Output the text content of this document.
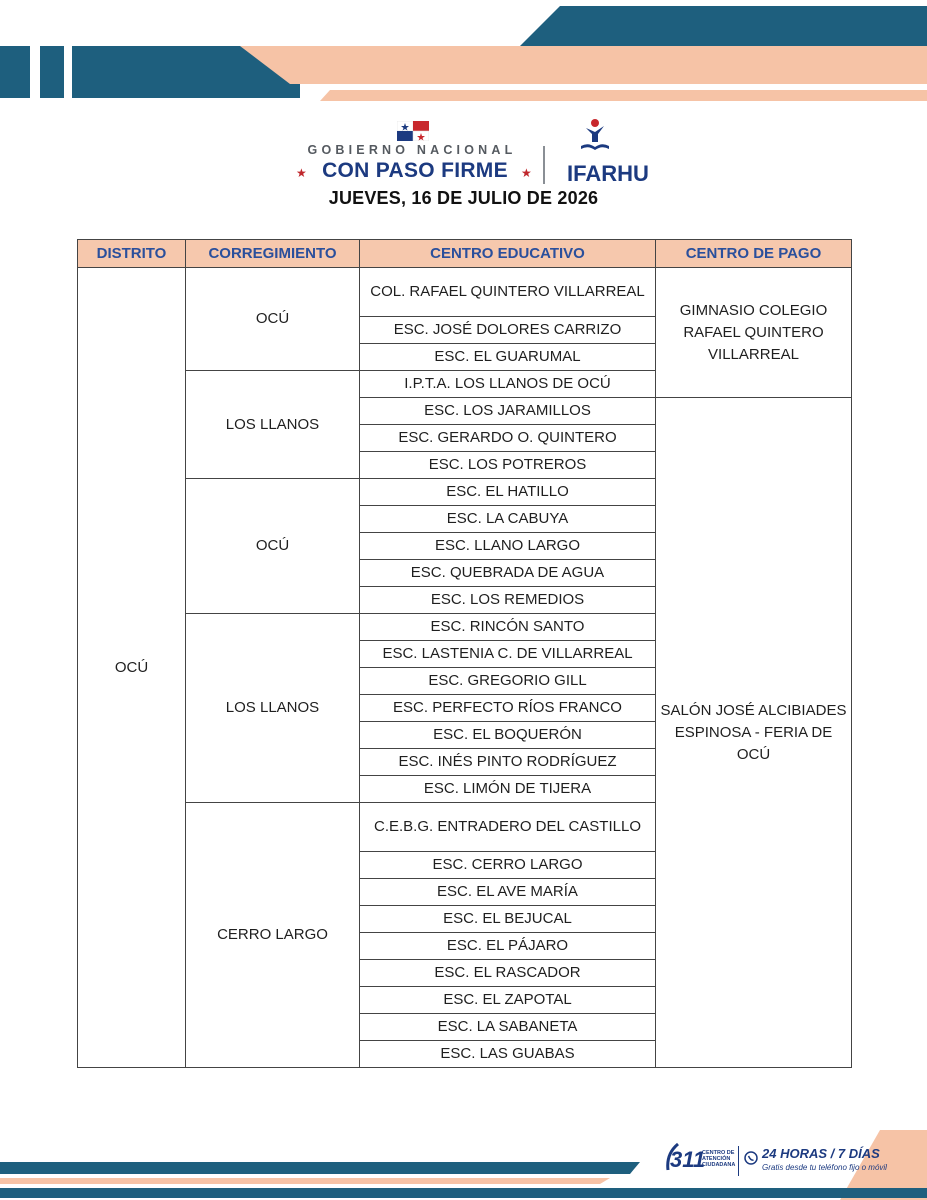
GOBIERNO NACIONAL
★ CON PASO FIRME	★ IFARHU
JUEVES, 16 DE JULIO DE 2026
DISTRITO	CORREGIMIENTO	CENTRO EDUCATIVO	CENTRO DE PAGO
OCÚ	OCÚ	COL. RAFAEL QUINTERO VILLARREAL	GIMNASIO COLEGIO RAFAEL QUINTERO VILLARREAL
		ESC. JOSÉ DOLORES CARRIZO	
		ESC. EL GUARUMAL	
	LOS LLANOS	I.P.T.A. LOS LLANOS DE OCÚ	
		ESC. LOS JARAMILLOS	SALÓN JOSÉ ALCIBIADES ESPINOSA - FERIA DE OCÚ
		ESC. GERARDO O. QUINTERO	
		ESC. LOS POTREROS	
	OCÚ	ESC. EL HATILLO	
		ESC. LA CABUYA	
		ESC. LLANO LARGO	
		ESC. QUEBRADA DE AGUA	
		ESC. LOS REMEDIOS	
	LOS LLANOS	ESC. RINCÓN SANTO	
		ESC. LASTENIA C. DE VILLARREAL	
		ESC. GREGORIO GILL	
		ESC. PERFECTO RÍOS FRANCO	
		ESC. EL BOQUERÓN	
		ESC. INÉS PINTO RODRÍGUEZ	
		ESC. LIMÓN DE TIJERA	
	CERRO LARGO	C.E.B.G. ENTRADERO DEL CASTILLO	
		ESC. CERRO LARGO	
		ESC. EL AVE MARÍA	
		ESC. EL BEJUCAL	
		ESC. EL PÁJARO	
		ESC. EL RASCADOR	
		ESC. EL ZAPOTAL	
		ESC. LA SABANETA	
		ESC. LAS GUABAS	
311
CENTRO DE ATENCIÓN CIUDADANA
24 HORAS / 7 DÍAS
Gratis desde tu teléfono fijo o móvil
